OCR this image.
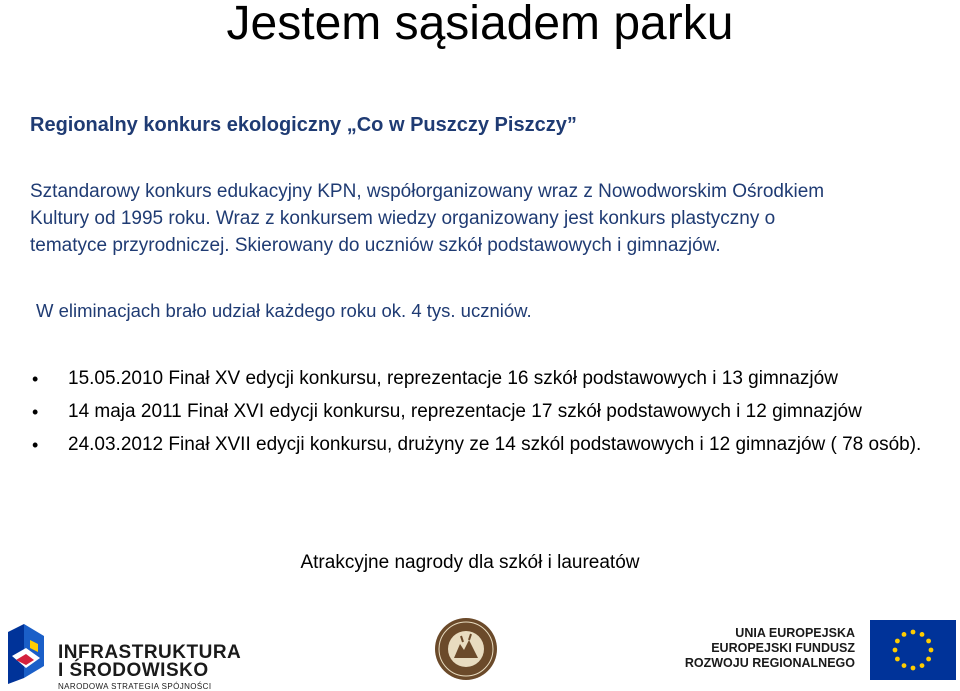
Jestem sąsiadem parku
Regionalny konkurs ekologiczny „Co w Puszczy Piszczy”
Sztandarowy konkurs edukacyjny KPN, współorganizowany wraz z Nowodworskim Ośrodkiem
Kultury od 1995 roku. Wraz z konkursem wiedzy organizowany jest konkurs plastyczny o
tematyce przyrodniczej. Skierowany do uczniów szkół podstawowych i gimnazjów.
W eliminacjach brało udział każdego roku ok. 4 tys. uczniów.
• 15.05.2010 Finał XV edycji konkursu, reprezentacje 16 szkół podstawowych i 13 gimnazjów
• 14 maja 2011 Finał XVI edycji konkursu, reprezentacje 17 szkół podstawowych i 12 gimnazjów
• 24.03.2012 Finał XVII edycji konkursu, drużyny ze 14 szkól podstawowych i 12 gimnazjów ( 78 osób).
Atrakcyjne nagrody dla szkół i laureatów
INFRASTRUKTURA
I ŚRODOWISKO
NARODOWA STRATEGIA SPÓJNOŚCI
UNIA EUROPEJSKA
EUROPEJSKI FUNDUSZ
ROZWOJU REGIONALNEGO
